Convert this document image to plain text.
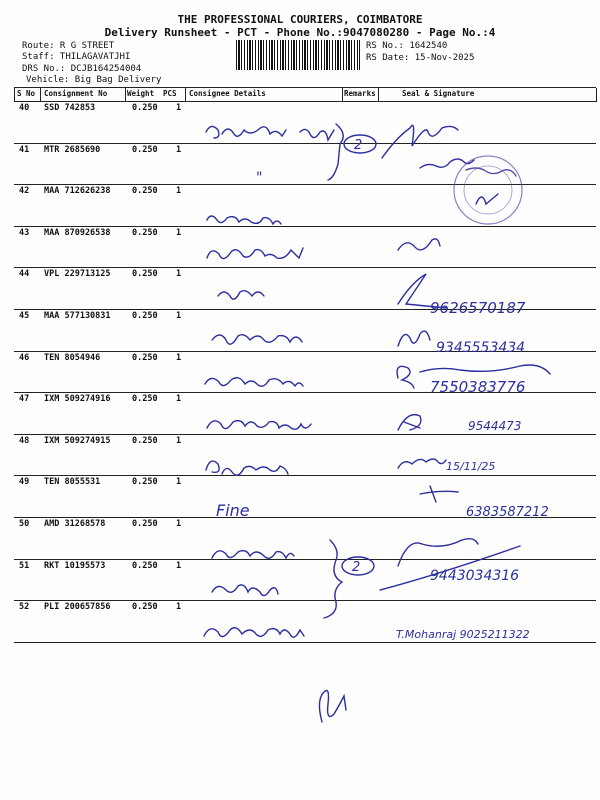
THE PROFESSIONAL COURIERS, COIMBATORE
Delivery Runsheet - PCT - Phone No.:9047080280 - Page No.:4
Route: R G STREET
Staff: THILAGAVATJHI
DRS No.: DCJB164254004
Vehicle: Big Bag Delivery
RS No.: 1642540
RS Date: 15-Nov-2025
S No Consignment No	Weight PCS Consignee Details	Remarks	Seal & Signature
40 SSD 742853	0.250 1
41 MTR 2685690	0.250 1
42 MAA 712626238	0.250 1
43 MAA 870926538	0.250 1
44 VPL 229713125	0.250 1
45 MAA 577130831	0.250 1
46 TEN 8054946	0.250 1
47 IXM 509274916	0.250 1
48 IXM 509274915	0.250 1
49 TEN 8055531	0.250 1
50 AMD 31268578	0.250 1
51 RKT 10195573	0.250 1
52 PLI 200657856	0.250 1
"
2
2
9626570187
9345553434
7550383776
9544473
15/11/25
Fine	6383587212
9443034316
T.Mohanraj 9025211322
